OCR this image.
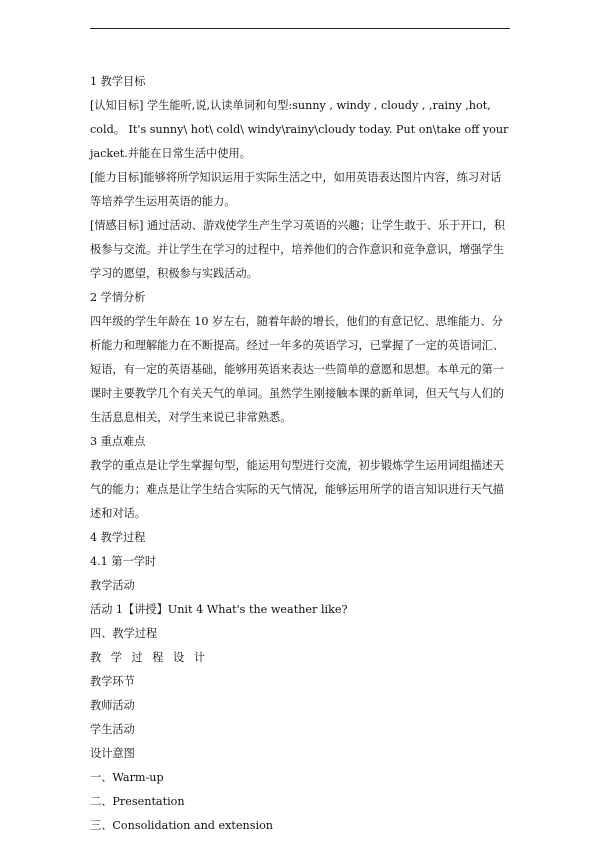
1 教学目标

[认知目标] 学生能听,说,认读单词和句型:sunny , windy , cloudy , ,rainy ,hot, cold。 It's sunny\ hot\ cold\ windy\rainy\cloudy today. Put on\take off your jacket.并能在日常生活中使用。

[能力目标]能够将所学知识运用于实际生活之中，如用英语表达图片内容，练习对话等培养学生运用英语的能力。

[情感目标] 通过活动、游戏使学生产生学习英语的兴趣；让学生敢于、乐于开口，积极参与交流。并让学生在学习的过程中，培养他们的合作意识和竞争意识，增强学生学习的愿望，积极参与实践活动。

2 学情分析

四年级的学生年龄在 10 岁左右，随着年龄的增长，他们的有意记忆、思维能力、分析能力和理解能力在不断提高。经过一年多的英语学习，已掌握了一定的英语词汇、短语，有一定的英语基础，能够用英语来表达一些简单的意愿和思想。本单元的第一课时主要教学几个有关天气的单词。虽然学生刚接触本课的新单词，但天气与人们的生活息息相关，对学生来说已非常熟悉。

3 重点难点

教学的重点是让学生掌握句型，能运用句型进行交流，初步锻炼学生运用词组描述天气的能力；难点是让学生结合实际的天气情况，能够运用所学的语言知识进行天气描述和对话。

4 教学过程

4.1 第一学时

教学活动

活动 1【讲授】Unit 4 What's the weather like?

四、教学过程

教 学 过 程 设 计

教学环节

教师活动

学生活动

设计意图

一、Warm-up

二、Presentation

三、Consolidation and extension
